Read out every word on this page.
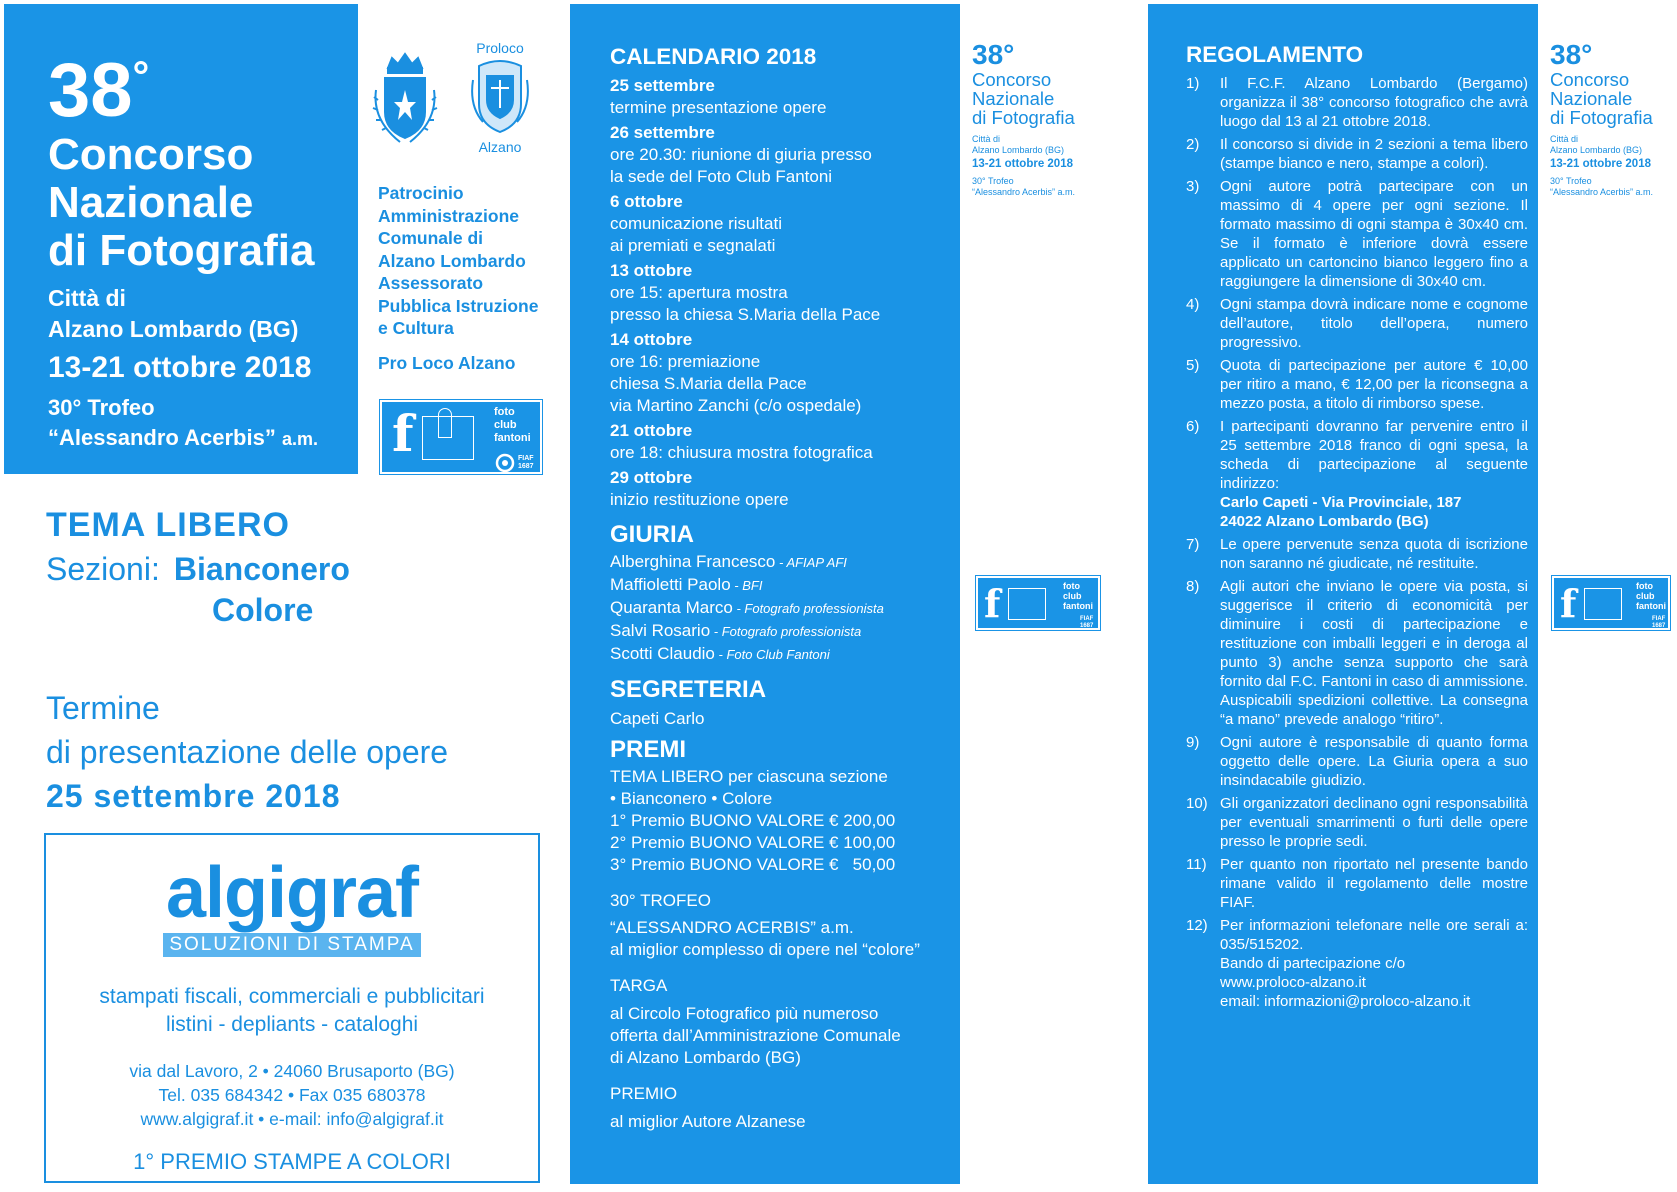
38°
Concorso
Nazionale
di Fotografia
Città di
Alzano Lombardo (BG)
13-21 ottobre 2018
30° Trofeo
“Alessandro Acerbis” a.m.
Proloco
Alzano
Patrocinio
Amministrazione
Comunale di
Alzano Lombardo
Assessorato
Pubblica Istruzione
e Cultura
Pro Loco Alzano
f	foto
club
fantoni
FIAF
1687
TEMA LIBERO
Sezioni: Bianconero
Colore
Termine
di presentazione delle opere
25 settembre 2018
algigraf
SOLUZIONI DI STAMPA
stampati fiscali, commerciali e pubblicitari
listini - depliants - cataloghi
via dal Lavoro, 2 • 24060 Brusaporto (BG)
Tel. 035 684342 • Fax 035 680378
www.algigraf.it • e-mail: info@algigraf.it
1° PREMIO STAMPE A COLORI
CALENDARIO 2018
25 settembre
termine presentazione opere
26 settembre
ore 20.30: riunione di giuria presso
la sede del Foto Club Fantoni
6 ottobre
comunicazione risultati
ai premiati e segnalati
13 ottobre
ore 15: apertura mostra
presso la chiesa S.Maria della Pace
14 ottobre
ore 16: premiazione
chiesa S.Maria della Pace
via Martino Zanchi (c/o ospedale)
21 ottobre
ore 18: chiusura mostra fotografica
29 ottobre
inizio restituzione opere
GIURIA
Alberghina Francesco - AFIAP AFI
Maffioletti Paolo - BFI
Quaranta Marco - Fotografo professionista
Salvi Rosario - Fotografo professionista
Scotti Claudio - Foto Club Fantoni
SEGRETERIA
Capeti Carlo
PREMI
TEMA LIBERO per ciascuna sezione
• Bianconero • Colore
1° Premio BUONO VALORE € 200,00
2° Premio BUONO VALORE € 100,00
3° Premio BUONO VALORE €   50,00
30° TROFEO
“ALESSANDRO ACERBIS” a.m.
al miglior complesso di opere nel “colore”
TARGA
al Circolo Fotografico più numeroso
offerta dall’Amministrazione Comunale
di Alzano Lombardo (BG)
PREMIO
al miglior Autore Alzanese
38°
Concorso
Nazionale
di Fotografia
Città di
Alzano Lombardo (BG)
13-21 ottobre 2018
30° Trofeo
“Alessandro Acerbis” a.m.
f	foto
club
fantoni
FIAF
1687
REGOLAMENTO
1)	Il F.C.F. Alzano Lombardo (Bergamo) organizza il 38° concorso fotografico che avrà luogo dal 13 al 21 ottobre 2018.
2)	Il concorso si divide in 2 sezioni a tema libero (stampe bianco e nero, stampe a colori).
3)	Ogni autore potrà partecipare con un massimo di 4 opere per ogni sezione. Il formato massimo di ogni stampa è 30x40 cm. Se il formato è inferiore dovrà essere applicato un cartoncino bianco leggero fino a raggiungere la dimensione di 30x40 cm.
4)	Ogni stampa dovrà indicare nome e cognome dell’autore, titolo dell’opera, numero progressivo.
5)	Quota di partecipazione per autore € 10,00 per ritiro a mano, € 12,00 per la riconsegna a mezzo posta, a titolo di rimborso spese.
6)	I partecipanti dovranno far pervenire entro il 25 settembre 2018 franco di ogni spesa, la scheda di partecipazione al seguente indirizzo:
Carlo Capeti - Via Provinciale, 187
24022 Alzano Lombardo (BG)
7)	Le opere pervenute senza quota di iscrizione non saranno né giudicate, né restituite.
8)	Agli autori che inviano le opere via posta, si suggerisce il criterio di economicità per diminuire i costi di partecipazione e restituzione con imballi leggeri e in deroga al punto 3) anche senza supporto che sarà fornito dal F.C. Fantoni in caso di ammissione. Auspicabili spedizioni collettive. La consegna “a mano” prevede analogo “ritiro”.
9)	Ogni autore è responsabile di quanto forma oggetto delle opere. La Giuria opera a suo insindacabile giudizio.
10) Gli organizzatori declinano ogni responsabilità per eventuali smarrimenti o furti delle opere presso le proprie sedi.
11) Per quanto non riportato nel presente bando rimane valido il regolamento delle mostre FIAF.
12) Per informazioni telefonare nelle ore serali a: 035/515202.
Bando di partecipazione c/o
www.proloco-alzano.it
email: informazioni@proloco-alzano.it
38°
Concorso
Nazionale
di Fotografia
Città di
Alzano Lombardo (BG)
13-21 ottobre 2018
30° Trofeo
“Alessandro Acerbis” a.m.
f	foto
club
fantoni
FIAF
1687
